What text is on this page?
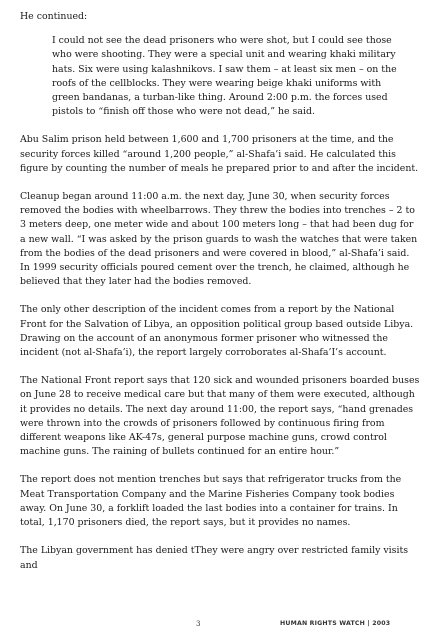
He continued:

I could not see the dead prisoners who were shot, but I could see those who were shooting. They were a special unit and wearing khaki military hats. Six were using kalashnikovs. I saw them – at least six men – on the roofs of the cellblocks. They were wearing beige khaki uniforms with green bandanas, a turban-like thing. Around 2:00 p.m. the forces used pistols to “finish off those who were not dead,” he said.

Abu Salim prison held between 1,600 and 1,700 prisoners at the time, and the security forces killed “around 1,200 people,” al-Shafa’i said. He calculated this figure by counting the number of meals he prepared prior to and after the incident.

Cleanup began around 11:00 a.m. the next day, June 30, when security forces removed the bodies with wheelbarrows. They threw the bodies into trenches – 2 to 3 meters deep, one meter wide and about 100 meters long – that had been dug for a new wall. “I was asked by the prison guards to wash the watches that were taken from the bodies of the dead prisoners and were covered in blood,” al-Shafa’i said. In 1999 security officials poured cement over the trench, he claimed, although he believed that they later had the bodies removed.

The only other description of the incident comes from a report by the National Front for the Salvation of Libya, an opposition political group based outside Libya. Drawing on the account of an anonymous former prisoner who witnessed the incident (not al-Shafa’i), the report largely corroborates al-Shafa’I’s account.

The National Front report says that 120 sick and wounded prisoners boarded buses on June 28 to receive medical care but that many of them were executed, although it provides no details. The next day around 11:00, the report says, “hand grenades were thrown into the crowds of prisoners followed by continuous firing from different weapons like AK-47s, general purpose machine guns, crowd control machine guns. The raining of bullets continued for an entire hour.”

The report does not mention trenches but says that refrigerator trucks from the Meat Transportation Company and the Marine Fisheries Company took bodies away. On June 30, a forklift loaded the last bodies into a container for trains. In total, 1,170 prisoners died, the report says, but it provides no names.

The Libyan government has denied tThey were angry over restricted family visits and

3	HUMAN RIGHTS WATCH | 2003
